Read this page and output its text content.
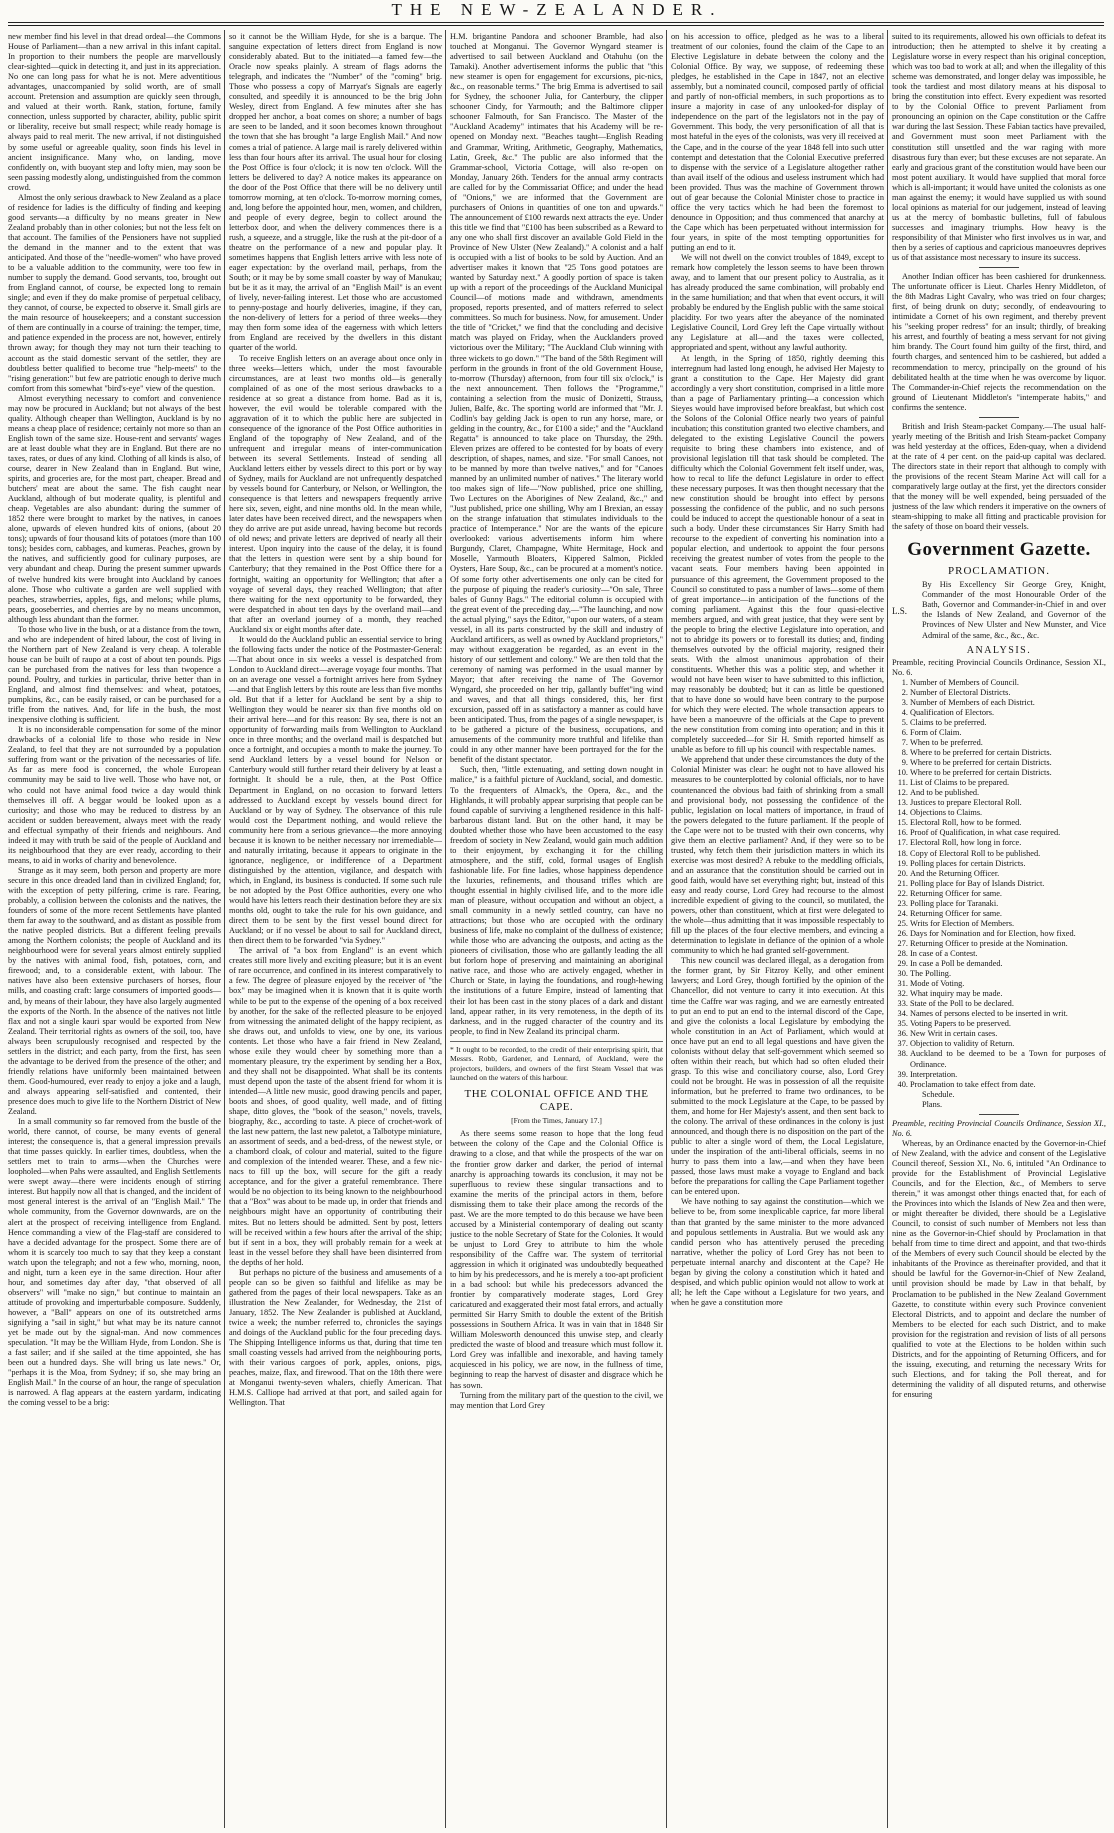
THE NEW-ZEALANDER.

new member find his level in that dread ordeal—the Commons House of Parliament—than a new arrival in this infant capital. In proportion to their numbers the people are marvellously clear-sighted—quick in detecting it, and just in its appreciation. No one can long pass for what he is not. Mere adventitious advantages, unaccompanied by solid worth, are of small account. Pretension and assumption are quickly seen through, and valued at their worth. Rank, station, fortune, family connection, unless supported by character, ability, public spirit or liberality, receive but small respect; while ready homage is always paid to real merit. The new arrival, if not distinguished by some useful or agreeable quality, soon finds his level in ancient insignificance. Many who, on landing, move confidently on, with buoyant step and lofty mien, may soon be seen passing modestly along, undistinguished from the common crowd.

Almost the only serious drawback to New Zealand as a place of residence for ladies is the difficulty of finding and keeping good servants—a difficulty by no means greater in New Zealand probably than in other colonies; but not the less felt on that account. The families of the Pensioners have not supplied the demand in the manner and to the extent that was anticipated. And those of the "needle-women" who have proved to be a valuable addition to the community, were too few in number to supply the demand. Good servants, too, brought out from England cannot, of course, be expected long to remain single; and even if they do make promise of perpetual celibacy, they cannot, of course, be expected to observe it. Small girls are the main resource of housekeepers; and a constant succession of them are continually in a course of training: the temper, time, and patience expended in the process are not, however, entirely thrown away; for though they may not turn their teaching to account as the staid domestic servant of the settler, they are doubtless better qualified to become true "help-meets" to the "rising generation:" but few are patriotic enough to derive much comfort from this somewhat "bird's-eye" view of the question.

Almost everything necessary to comfort and convenience may now be procured in Auckland; but not always of the best quality. Although cheaper than Wellington, Auckland is by no means a cheap place of residence; certainly not more so than an English town of the same size. House-rent and servants' wages are at least double what they are in England. But there are no taxes, rates, or dues of any kind. Clothing of all kinds is also, of course, dearer in New Zealand than in England. But wine, spirits, and groceries are, for the most part, cheaper. Bread and butchers' meat are about the same. The fish caught near Auckland, although of but moderate quality, is plentiful and cheap. Vegetables are also abundant: during the summer of 1852 there were brought to market by the natives, in canoes alone, upwards of eleven hundred kits of onions, (about 20 tons); upwards of four thousand kits of potatoes (more than 100 tons); besides corn, cabbages, and kumeras. Peaches, grown by the natives, and sufficiently good for culinary purposes, are very abundant and cheap. During the present summer upwards of twelve hundred kits were brought into Auckland by canoes alone. Those who cultivate a garden are well supplied with peaches, strawberries, apples, figs, and melons; while plums, pears, gooseberries, and cherries are by no means uncommon, although less abundant than the former.

To those who live in the bush, or at a distance from the town, and who are independent of hired labour, the cost of living in the Northern part of New Zealand is very cheap. A tolerable house can be built of raupo at a cost of about ten pounds. Pigs can be purchased from the natives for less than twopence a pound. Poultry, and turkies in particular, thrive better than in England, and almost find themselves: and wheat, potatoes, pumpkins, &c., can be easily raised, or can be purchased for a trifle from the natives. And, for life in the bush, the most inexpensive clothing is sufficient.

It is no inconsiderable compensation for some of the minor drawbacks of a colonial life to those who reside in New Zealand, to feel that they are not surrounded by a population suffering from want or the privation of the necessaries of life. As far as mere food is concerned, the whole European community may be said to live well. Those who have not, or who could not have animal food twice a day would think themselves ill off. A beggar would be looked upon as a curiosity; and those who may be reduced to distress by an accident or sudden bereavement, always meet with the ready and effectual sympathy of their friends and neighbours. And indeed it may with truth be said of the people of Auckland and its neighbourhood that they are ever ready, according to their means, to aid in works of charity and benevolence.

Strange as it may seem, both person and property are more secure in this once dreaded land than in civilized England; for, with the exception of petty pilfering, crime is rare. Fearing, probably, a collision between the colonists and the natives, the founders of some of the more recent Settlements have planted them far away to the southward, and as distant as possible from the native peopled districts. But a different feeling prevails among the Northern colonists; the people of Auckland and its neighbourhood were for several years almost entirely supplied by the natives with animal food, fish, potatoes, corn, and firewood; and, to a considerable extent, with labour. The natives have also been extensive purchasers of horses, flour mills, and coasting craft: large consumers of imported goods—and, by means of their labour, they have also largely augmented the exports of the North. In the absence of the natives not little flax and not a single kauri spar would be exported from New Zealand. Their territorial rights as owners of the soil, too, have always been scrupulously recognised and respected by the settlers in the district; and each party, from the first, has seen the advantage to be derived from the presence of the other; and friendly relations have uniformly been maintained between them. Good-humoured, ever ready to enjoy a joke and a laugh, and always appearing self-satisfied and contented, their presence does much to give life to the Northern District of New Zealand.

In a small community so far removed from the bustle of the world, there cannot, of course, be many events of general interest; the consequence is, that a general impression prevails that time passes quickly. In earlier times, doubtless, when the settlers met to train to arms—when the Churches were loopholed—when Pahs were assaulted, and English Settlements were swept away—there were incidents enough of stirring interest. But happily now all that is changed, and the incident of most general interest is the arrival of an "English Mail." The whole community, from the Governor downwards, are on the alert at the prospect of receiving intelligence from England. Hence commanding a view of the Flag-staff are considered to have a decided advantage for the prospect. Some there are of whom it is scarcely too much to say that they keep a constant watch upon the telegraph; and not a few who, morning, noon, and night, turn a keen eye in the same direction. Hour after hour, and sometimes day after day, "that observed of all observers" will "make no sign," but continue to maintain an attitude of provoking and imperturbable composure. Suddenly, however, a "Ball" appears on one of its outstretched arms signifying a "sail in sight," but what may be its nature cannot yet be made out by the signal-man. And now commences speculation. "It may be the William Hyde, from London. She is a fast sailer; and if she sailed at the time appointed, she has been out a hundred days. She will bring us late news." Or, "perhaps it is the Moa, from Sydney; if so, she may bring an English Mail." In the course of an hour, the range of speculation is narrowed. A flag appears at the eastern yardarm, indicating the coming vessel to be a brig:

so it cannot be the William Hyde, for she is a barque. The sanguine expectation of letters direct from England is now considerably abated. But to the initiated—a famed few—the Oracle now speaks plainly. A stream of flags adorns the telegraph, and indicates the "Number" of the "coming" brig. Those who possess a copy of Marryat's Signals are eagerly consulted, and speedily it is announced to be the brig John Wesley, direct from England. A few minutes after she has dropped her anchor, a boat comes on shore; a number of bags are seen to be landed, and it soon becomes known throughout the town that she has brought "a large English Mail." And now comes a trial of patience. A large mail is rarely delivered within less than four hours after its arrival. The usual hour for closing the Post Office is four o'clock; it is now ten o'clock. Will the letters be delivered to day? A notice makes its appearance on the door of the Post Office that there will be no delivery until tomorrow morning, at ten o'clock. To-morrow morning comes, and, long before the appointed hour, men, women, and children, and people of every degree, begin to collect around the letterbox door, and when the delivery commences there is a rush, a squeeze, and a struggle, like the rush at the pit-door of a theatre on the performance of a new and popular play. It sometimes happens that English letters arrive with less note of eager expectation: by the overland mail, perhaps, from the South; or it may be by some small coaster by way of Manukau; but be it as it may, the arrival of an "English Mail" is an event of lively, never-failing interest. Let those who are accustomed to penny-postage and hourly deliveries, imagine, if they can, the non-delivery of letters for a period of three weeks—they may then form some idea of the eagerness with which letters from England are received by the dwellers in this distant quarter of the world.

To receive English letters on an average about once only in three weeks—letters which, under the most favourable circumstances, are at least two months old—is generally complained of as one of the most serious drawbacks to a residence at so great a distance from home. Bad as it is, however, the evil would be tolerable compared with the aggravation of it to which the public here are subjected in consequence of the ignorance of the Post Office authorities in England of the topography of New Zealand, and of the unfrequent and irregular means of inter-communication between its several Settlements. Instead of sending all Auckland letters either by vessels direct to this port or by way of Sydney, mails for Auckland are not unfrequently despatched by vessels bound for Canterbury, or Nelson, or Wellington, the consequence is that letters and newspapers frequently arrive here six, seven, eight, and nine months old. In the mean while, later dates have been received direct, and the newspapers when they do arrive are put aside unread, having become but records of old news; and private letters are deprived of nearly all their interest. Upon inquiry into the cause of the delay, it is found that the letters in question were sent by a ship bound for Canterbury; that they remained in the Post Office there for a fortnight, waiting an opportunity for Wellington; that after a voyage of several days, they reached Wellington; that after there waiting for the next opportunity to be forwarded, they were despatched in about ten days by the overland mail—and that after an overland journey of a month, they reached Auckland six or eight months after date.

It would do the Auckland public an essential service to bring the following facts under the notice of the Postmaster-General:—That about once in six weeks a vessel is despatched from London to Auckland direct—average voyage four months. That on an average one vessel a fortnight arrives here from Sydney—and that English letters by this route are less than five months old. But that if a letter for Auckland be sent by a ship to Wellington they would be nearer six than five months old on their arrival here—and for this reason: By sea, there is not an opportunity of forwarding mails from Wellington to Auckland once in three months; and the overland mail is despatched but once a fortnight, and occupies a month to make the journey. To send Auckland letters by a vessel bound for Nelson or Canterbury would still further retard their delivery by at least a fortnight. It should be a rule, then, at the Post Office Department in England, on no occasion to forward letters addressed to Auckland except by vessels bound direct for Auckland or by way of Sydney. The observance of this rule would cost the Department nothing, and would relieve the community here from a serious grievance—the more annoying because it is known to be neither necessary nor irremediable—and naturally irritating, because it appears to originate in the ignorance, negligence, or indifference of a Department distinguished by the attention, vigilance, and despatch with which, in England, its business is conducted. If some such rule be not adopted by the Post Office authorities, every one who would have his letters reach their destination before they are six months old, ought to take the rule for his own guidance, and direct them to be sent by the first vessel bound direct for Auckland; or if no vessel be about to sail for Auckland direct, then direct them to be forwarded "via Sydney."

The arrival of "a box from England" is an event which creates still more lively and exciting pleasure; but it is an event of rare occurrence, and confined in its interest comparatively to a few. The degree of pleasure enjoyed by the receiver of "the box" may be imagined when it is known that it is quite worth while to be put to the expense of the opening of a box received by another, for the sake of the reflected pleasure to be enjoyed from witnessing the animated delight of the happy recipient, as she draws out, and unfolds to view, one by one, its various contents. Let those who have a fair friend in New Zealand, whose exile they would cheer by something more than a momentary pleasure, try the experiment by sending her a Box, and they shall not be disappointed. What shall be its contents must depend upon the taste of the absent friend for whom it is intended—A little new music, good drawing pencils and paper, boots and shoes, of good quality, well made, and of fitting shape, ditto gloves, the "book of the season," novels, travels, biography, &c., according to taste. A piece of crochet-work of the last new pattern, the last new paletot, a Talbotype miniature, an assortment of seeds, and a bed-dress, of the newest style, or a chambord cloak, of colour and material, suited to the figure and complexion of the intended wearer. These, and a few nic-nacs to fill up the box, will secure for the gift a ready acceptance, and for the giver a grateful remembrance. There would be no objection to its being known to the neighbourhood that a "Box" was about to be made up, in order that friends and neighbours might have an opportunity of contributing their mites. But no letters should be admitted. Sent by post, letters will be received within a few hours after the arrival of the ship; but if sent in a box, they will probably remain for a week at least in the vessel before they shall have been disinterred from the depths of her hold.

But perhaps no picture of the business and amusements of a people can so be given so faithful and lifelike as may be gathered from the pages of their local newspapers. Take as an illustration the New Zealander, for Wednesday, the 21st of January, 1852. The New Zealander is published at Auckland, twice a week; the number referred to, chronicles the sayings and doings of the Auckland public for the four preceding days. The Shipping Intelligence informs us that, during that time ten small coasting vessels had arrived from the neighbouring ports, with their various cargoes of pork, apples, onions, pigs, peaches, maize, flax, and firewood. That on the 18th there were at Monganui twenty-seven whalers, chiefly American. That H.M.S. Calliope had arrived at that port, and sailed again for Wellington. That

H.M. brigantine Pandora and schooner Bramble, had also touched at Monganui. The Governor Wyngard steamer is advertised to sail between Auckland and Otahuhu (on the Tamaki). Another advertisement informs the public that "this new steamer is open for engagement for excursions, pic-nics, &c., on reasonable terms." The brig Emma is advertised to sail for Sydney, the schooner Julia, for Canterbury, the clipper schooner Cindy, for Yarmouth; and the Baltimore clipper schooner Falmouth, for San Francisco. The Master of the "Auckland Academy" intimates that his Academy will be re-opened on Monday next. "Beaches taught—English Reading and Grammar, Writing, Arithmetic, Geography, Mathematics, Latin, Greek, &c." The public are also informed that the Grammar-school, Victoria Cottage, will also re-open on Monday, January 26th. Tenders for the annual army contracts are called for by the Commissariat Office; and under the head of "Onions," we are informed that the Government are purchasers of Onions in quantities of one ton and upwards." The announcement of £100 rewards next attracts the eye. Under this title we find that "£100 has been subscribed as a Reward to any one who shall first discover an available Gold Field in the Province of New Ulster (New Zealand)." A colonist and a half is occupied with a list of books to be sold by Auction. And an advertiser makes it known that "25 Tons good potatoes are wanted by Saturday next." A goodly portion of space is taken up with a report of the proceedings of the Auckland Municipal Council—of motions made and withdrawn, amendments proposed, reports presented, and of matters referred to select committees. So much for business. Now, for amusement. Under the title of "Cricket," we find that the concluding and decisive match was played on Friday, when the Aucklanders proved victorious over the Military; "The Auckland Club winning with three wickets to go down." "The band of the 58th Regiment will perform in the grounds in front of the old Government House, to-morrow (Thursday) afternoon, from four till six o'clock," is the next announcement. Then follows the "Programme," containing a selection from the music of Donizetti, Strauss, Julien, Balfe, &c. The sporting world are informed that "Mr. J. Codlin's bay gelding Jack is open to run any horse, mare, or gelding in the country, &c., for £100 a side;" and the "Auckland Regatta" is announced to take place on Thursday, the 29th. Eleven prizes are offered to be contested for by boats of every description, of shapes, names, and size. "For small Canoes, not to be manned by more than twelve natives," and for "Canoes manned by an unlimited number of natives." The literary world too makes sign of life—"Now published, price one shilling, Two Lectures on the Aborigines of New Zealand, &c.," and "Just published, price one shilling, Why am I Brexian, an essay on the strange infatuation that stimulates individuals to the practice of Intemperance." Nor are the wants of the epicure overlooked: various advertisements inform him where Burgundy, Claret, Champagne, White Hermitage, Hock and Moselle, Yarmouth Bloaters, Kippered Salmon, Pickled Oysters, Hare Soup, &c., can be procured at a moment's notice. Of some forty other advertisements one only can be cited for the purpose of piquing the reader's curiosity—"On sale, Three bales of Gunny Bags." The editorial column is occupied with the great event of the preceding day,—"The launching, and now the actual plying," says the Editor, "upon our waters, of a steam vessel, in all its parts constructed by the skill and industry of Auckland artificers, as well as owned by Auckland proprietors," may without exaggeration be regarded, as an event in the history of our settlement and colony." We are then told that the ceremony of naming was performed in the usual manner by Mayor; that after receiving the name of The Governor Wyngard, she proceeded on her trip, gallantly buffet"ing wind and waves, and that all things considered, this, her first excursion, passed off in as satisfactory a manner as could have been anticipated. Thus, from the pages of a single newspaper, is to be gathered a picture of the business, occupations, and amusements of the community more truthful and lifelike than could in any other manner have been portrayed for the for the benefit of the distant spectator.

Such, then, "little extenuating, and setting down nought in malice," is a faithful picture of Auckland, social, and domestic. To the frequenters of Almack's, the Opera, &c., and the Highlands, it will probably appear surprising that people can be found capable of surviving a lengthened residence in this half-barbarous distant land. But on the other hand, it may be doubted whether those who have been accustomed to the easy freedom of society in New Zealand, would gain much addition to their enjoyment, by exchanging it for the chilling atmosphere, and the stiff, cold, formal usages of English fashionable life. For fine ladies, whose happiness dependence the luxuries, refinements, and thousand trifles which are thought essential in highly civilised life, and to the more idle man of pleasure, without occupation and without an object, a small community in a newly settled country, can have no attractions; but those who are occupied with the ordinary business of life, make no complaint of the dullness of existence; while those who are advancing the outposts, and acting as the pioneers of civilisation, those who are gallantly leading the all but forlorn hope of preserving and maintaining an aboriginal native race, and those who are actively engaged, whether in Church or State, in laying the foundations, and rough-hewing the institutions of a future Empire, instead of lamenting that their lot has been cast in the stony places of a dark and distant land, appear rather, in its very remoteness, in the depth of its darkness, and in the rugged character of the country and its people, to find in New Zealand its principal charm.

* It ought to be recorded, to the credit of their enterprising spirit, that Messrs. Robb, Gardener, and Lennard, of Auckland, were the projectors, builders, and owners of the first Steam Vessel that was launched on the waters of this harbour.
THE COLONIAL OFFICE AND THE CAPE.
[From the Times, January 17.]

As there seems some reason to hope that the long feud between the colony of the Cape and the Colonial Office is drawing to a close, and that while the prospects of the war on the frontier grow darker and darker, the period of internal anarchy is approaching towards its conclusion, it may not be superfluous to review these singular transactions and to examine the merits of the principal actors in them, before dismissing them to take their place among the records of the past. We are the more tempted to do this because we have been accused by a Ministerial contemporary of dealing out scanty justice to the noble Secretary of State for the Colonies. It would be unjust to Lord Grey to attribute to him the whole responsibility of the Caffre war. The system of territorial aggression in which it originated was undoubtedly bequeathed to him by his predecessors, and he is merely a too-apt proficient in a bad school: but while his predecessors advanced the frontier by comparatively moderate stages, Lord Grey caricatured and exaggerated their most fatal errors, and actually permitted Sir Harry Smith to double the extent of the British possessions in Southern Africa. It was in vain that in 1848 Sir William Molesworth denounced this unwise step, and clearly predicted the waste of blood and treasure which must follow it. Lord Grey was infallible and inexorable, and having tamely acquiesced in his policy, we are now, in the fullness of time, beginning to reap the harvest of disaster and disgrace which he has sown.

Turning from the military part of the question to the civil, we may mention that Lord Grey

on his accession to office, pledged as he was to a liberal treatment of our colonies, found the claim of the Cape to an Elective Legislature in debate between the colony and the Colonial Office. By way, we suppose, of redeeming these pledges, he established in the Cape in 1847, not an elective assembly, but a nominated council, composed partly of official and partly of non-official members, in such proportions as to insure a majority in case of any unlooked-for display of independence on the part of the legislators not in the pay of Government. This body, the very personification of all that is most hateful in the eyes of the colonists, was very ill received at the Cape, and in the course of the year 1848 fell into such utter contempt and detestation that the Colonial Executive preferred to dispense with the service of a Legislature altogether rather than avail itself of the odious and useless instrument which had been provided. Thus was the machine of Government thrown out of gear because the Colonial Minister chose to practice in office the very tactics which he had been the foremost to denounce in Opposition; and thus commenced that anarchy at the Cape which has been perpetuated without intermission for four years, in spite of the most tempting opportunities for putting an end to it.

We will not dwell on the convict troubles of 1849, except to remark how completely the lesson seems to have been thrown away, and to lament that our present policy to Australia, as it has already produced the same combination, will probably end in the same humiliation; and that when that event occurs, it will probably be endured by the English public with the same stoical placidity. For two years after the abeyance of the nominated Legislative Council, Lord Grey left the Cape virtually without any Legislature at all—and the taxes were collected, appropriated and spent, without any lawful authority.

At length, in the Spring of 1850, rightly deeming this interregnum had lasted long enough, he advised Her Majesty to grant a constitution to the Cape. Her Majesty did grant accordingly a very short constitution, comprised in a little more than a page of Parliamentary printing—a concession which Sieyes would have improvised before breakfast, but which cost the Solons of the Colonial Office nearly two years of painful incubation; this constitution granted two elective chambers, and delegated to the existing Legislative Council the powers requisite to bring these chambers into existence, and of provisional legislation till that task should be completed. The difficulty which the Colonial Government felt itself under, was, how to recal to life the defunct Legislature in order to effect these necessary purposes. It was then thought necessary that the new constitution should be brought into effect by persons possessing the confidence of the public, and no such persons could be induced to accept the questionable honour of a seat in such a body. Under these circumstances Sir Harry Smith had recourse to the expedient of converting his nomination into a popular election, and undertook to appoint the four persons receiving the greatest number of votes from the people to the vacant seats. Four members having been appointed in pursuance of this agreement, the Government proposed to the Council so constituted to pass a number of laws—some of them of great importance—in anticipation of the functions of the coming parliament. Against this the four quasi-elective members argued, and with great justice, that they were sent by the people to bring the elective Legislature into operation, and not to abridge its powers or to forestall its duties; and, finding themselves outvoted by the official majority, resigned their seats. With the almost unanimous approbation of their constituents. Whether this was a politic step, and whether it would not have been wiser to have submitted to this infliction, may reasonably be doubted; but it can as little be questioned that to have done so would have been contrary to the purpose for which they were elected. The whole transaction appears to have been a manoeuvre of the officials at the Cape to prevent the new constitution from coming into operation; and in this it completely succeeded—for Sir H. Smith reported himself as unable as before to fill up his council with respectable names.

We apprehend that under these circumstances the duty of the Colonial Minister was clear: he ought not to have allowed his measures to be counterplotted by colonial officials, nor to have countenanced the obvious bad faith of shrinking from a small and provisional body, not possessing the confidence of the public, legislation on local matters of importance, in fraud of the powers delegated to the future parliament. If the people of the Cape were not to be trusted with their own concerns, why give them an elective parliament? And, if they were so to be trusted, why fetch them their jurisdiction matters in which its exercise was most desired? A rebuke to the meddling officials, and an assurance that the constitution should be carried out in good faith, would have set everything right; but, instead of this easy and ready course, Lord Grey had recourse to the almost incredible expedient of giving to the council, so mutilated, the powers, other than constituent, which at first were delegated to the whole—thus admitting that it was impossible respectably to fill up the places of the four elective members, and evincing a determination to legislate in defiance of the opinion of a whole community to which he had granted self-government.

This new council was declared illegal, as a derogation from the former grant, by Sir Fitzroy Kelly, and other eminent lawyers; and Lord Grey, though fortified by the opinion of the Chancellor, did not venture to carry it into execution. At this time the Caffre war was raging, and we are earnestly entreated to put an end to put an end to the internal discord of the Cape, and give the colonists a local Legislature by embodying the whole constitution in an Act of Parliament, which would at once have put an end to all legal questions and have given the colonists without delay that self-government which seemed so often within their reach, but which had so often eluded their grasp. To this wise and conciliatory course, also, Lord Grey could not be brought. He was in possession of all the requisite information, but he preferred to frame two ordinances, to be submitted to the mock Legislature at the Cape, to be passed by them, and home for Her Majesty's assent, and then sent back to the colony. The arrival of these ordinances in the colony is just announced, and though there is no disposition on the part of the public to alter a single word of them, the Local Legislature, under the inspiration of the anti-liberal officials, seems in no hurry to pass them into a law,—and when they have been passed, those laws must make a voyage to England and back before the preparations for calling the Cape Parliament together can be entered upon.

We have nothing to say against the constitution—which we believe to be, from some inexplicable caprice, far more liberal than that granted by the same minister to the more advanced and populous settlements in Australia. But we would ask any candid person who has attentively perused the preceding narrative, whether the policy of Lord Grey has not been to perpetuate internal anarchy and discontent at the Cape? He began by giving the colony a constitution which it hated and despised, and which public opinion would not allow to work at all; he left the Cape without a Legislature for two years, and when he gave a constitution more

suited to its requirements, allowed his own officials to defeat its introduction; then he attempted to shelve it by creating a Legislature worse in every respect than his original conception, which was too bad to work at all; and when the illegality of this scheme was demonstrated, and longer delay was impossible, he took the tardiest and most dilatory means at his disposal to bring the constitution into effect. Every expedient was resorted to by the Colonial Office to prevent Parliament from pronouncing an opinion on the Cape constitution or the Caffre war during the last Session. These Fabian tactics have prevailed, and Government must soon meet Parliament with the constitution still unsettled and the war raging with more disastrous fury than ever; but these excuses are not separate. An early and gracious grant of the constitution would have been our most potent auxiliary. It would have supplied that moral force which is all-important; it would have united the colonists as one man against the enemy; it would have supplied us with sound local opinions as material for our judgement, instead of leaving us at the mercy of bombastic bulletins, full of fabulous successes and imaginary triumphs. How heavy is the responsibility of that Minister who first involves us in war, and then by a series of captious and capricious manoeuvres deprives us of that assistance most necessary to insure its success.

Another Indian officer has been cashiered for drunkenness. The unfortunate officer is Lieut. Charles Henry Middleton, of the 8th Madras Light Cavalry, who was tried on four charges; first, of being drunk on duty; secondly, of endeavouring to intimidate a Cornet of his own regiment, and thereby prevent his "seeking proper redress" for an insult; thirdly, of breaking his arrest, and fourthly of beating a mess servant for not giving him brandy. The Court found him guilty of the first, third, and fourth charges, and sentenced him to be cashiered, but added a recommendation to mercy, principally on the ground of his debilitated health at the time when he was overcome by liquor. The Commander-in-Chief rejects the recommendation on the ground of Lieutenant Middleton's "intemperate habits," and confirms the sentence.

British and Irish Steam-packet Company.—The usual half-yearly meeting of the British and Irish Steam-packet Company was held yesterday at the offices, Eden-quay, when a dividend at the rate of 4 per cent. on the paid-up capital was declared. The directors state in their report that although to comply with the provisions of the recent Steam Marine Act will call for a comparatively large outlay at the first, yet the directors consider that the money will be well expended, being persuaded of the justness of the law which renders it imperative on the owners of steam-shipping to make all fitting and practicable provision for the safety of those on board their vessels.

Government Gazette.
PROCLAMATION.
L.S.
By His Excellency Sir George Grey, Knight, Commander of the most Honourable Order of the Bath, Governor and Commander-in-Chief in and over the Islands of New Zealand, and Governor of the Provinces of New Ulster and New Munster, and Vice Admiral of the same, &c., &c., &c.
ANALYSIS.

Preamble, reciting Provincial Councils Ordinance, Session XI., No. 6.

1. Number of Members of Council.
2. Number of Electoral Districts.
3. Number of Members of each District.
4. Qualification of Electors.
5. Claims to be preferred.
6. Form of Claim.
7. When to be preferred.
8. Where to be preferred for certain Districts.
9. Where to be preferred for certain Districts.
10. Where to be preferred for certain Districts.
11. List of Claims to be prepared.
12. And to be published.
13. Justices to prepare Electoral Roll.
14. Objections to Claims.
15. Electoral Roll, how to be formed.
16. Proof of Qualification, in what case required.
17. Electoral Roll, how long in force.
18. Copy of Electoral Roll to be published.
19. Polling places for certain Districts.
20. And the Returning Officer.
21. Polling place for Bay of Islands District.
22. Returning Officer for same.
23. Polling place for Taranaki.
24. Returning Officer for same.
25. Writs for Election of Members.
26. Days for Nomination and for Election, how fixed.
27. Returning Officer to preside at the Nomination.
28. In case of a Contest.
29. In case a Poll be demanded.
30. The Polling.
31. Mode of Voting.
32. What inquiry may be made.
33. State of the Poll to be declared.
34. Names of persons elected to be inserted in writ.
35. Voting Papers to be preserved.
36. New Writ in certain cases.
37. Objection to validity of Return.
38. Auckland to be deemed to be a Town for purposes of Ordinance.
39. Interpretation.
40. Proclamation to take effect from date.

Schedule.

Plans.

Preamble, reciting Provincial Councils Ordinance, Session XI., No. 6.

Whereas, by an Ordinance enacted by the Governor-in-Chief of New Zealand, with the advice and consent of the Legislative Council thereof, Session XI., No. 6, intituled "An Ordinance to provide for the Establishment of Provincial Legislative Councils, and for the Election, &c., of Members to serve therein," it was amongst other things enacted that, for each of the Provinces into which the Islands of New Zea and then were, or might thereafter be divided, there should be a Legislative Council, to consist of such number of Members not less than nine as the Governor-in-Chief should by Proclamation in that behalf from time to time direct and appoint, and that two-thirds of the Members of every such Council should be elected by the inhabitants of the Province as thereinafter provided, and that it should be lawful for the Governor-in-Chief of New Zealand, until provision should be made by Law in that behalf, by Proclamation to be published in the New Zealand Government Gazette, to constitute within every such Province convenient Electoral Districts, and to appoint and declare the number of Members to be elected for each such District, and to make provision for the registration and revision of lists of all persons qualified to vote at the Elections to be holden within such Districts, and for the appointing of Returning Officers, and for the issuing, executing, and returning the necessary Writs for such Elections, and for taking the Poll thereat, and for determining the validity of all disputed returns, and otherwise for ensuring
